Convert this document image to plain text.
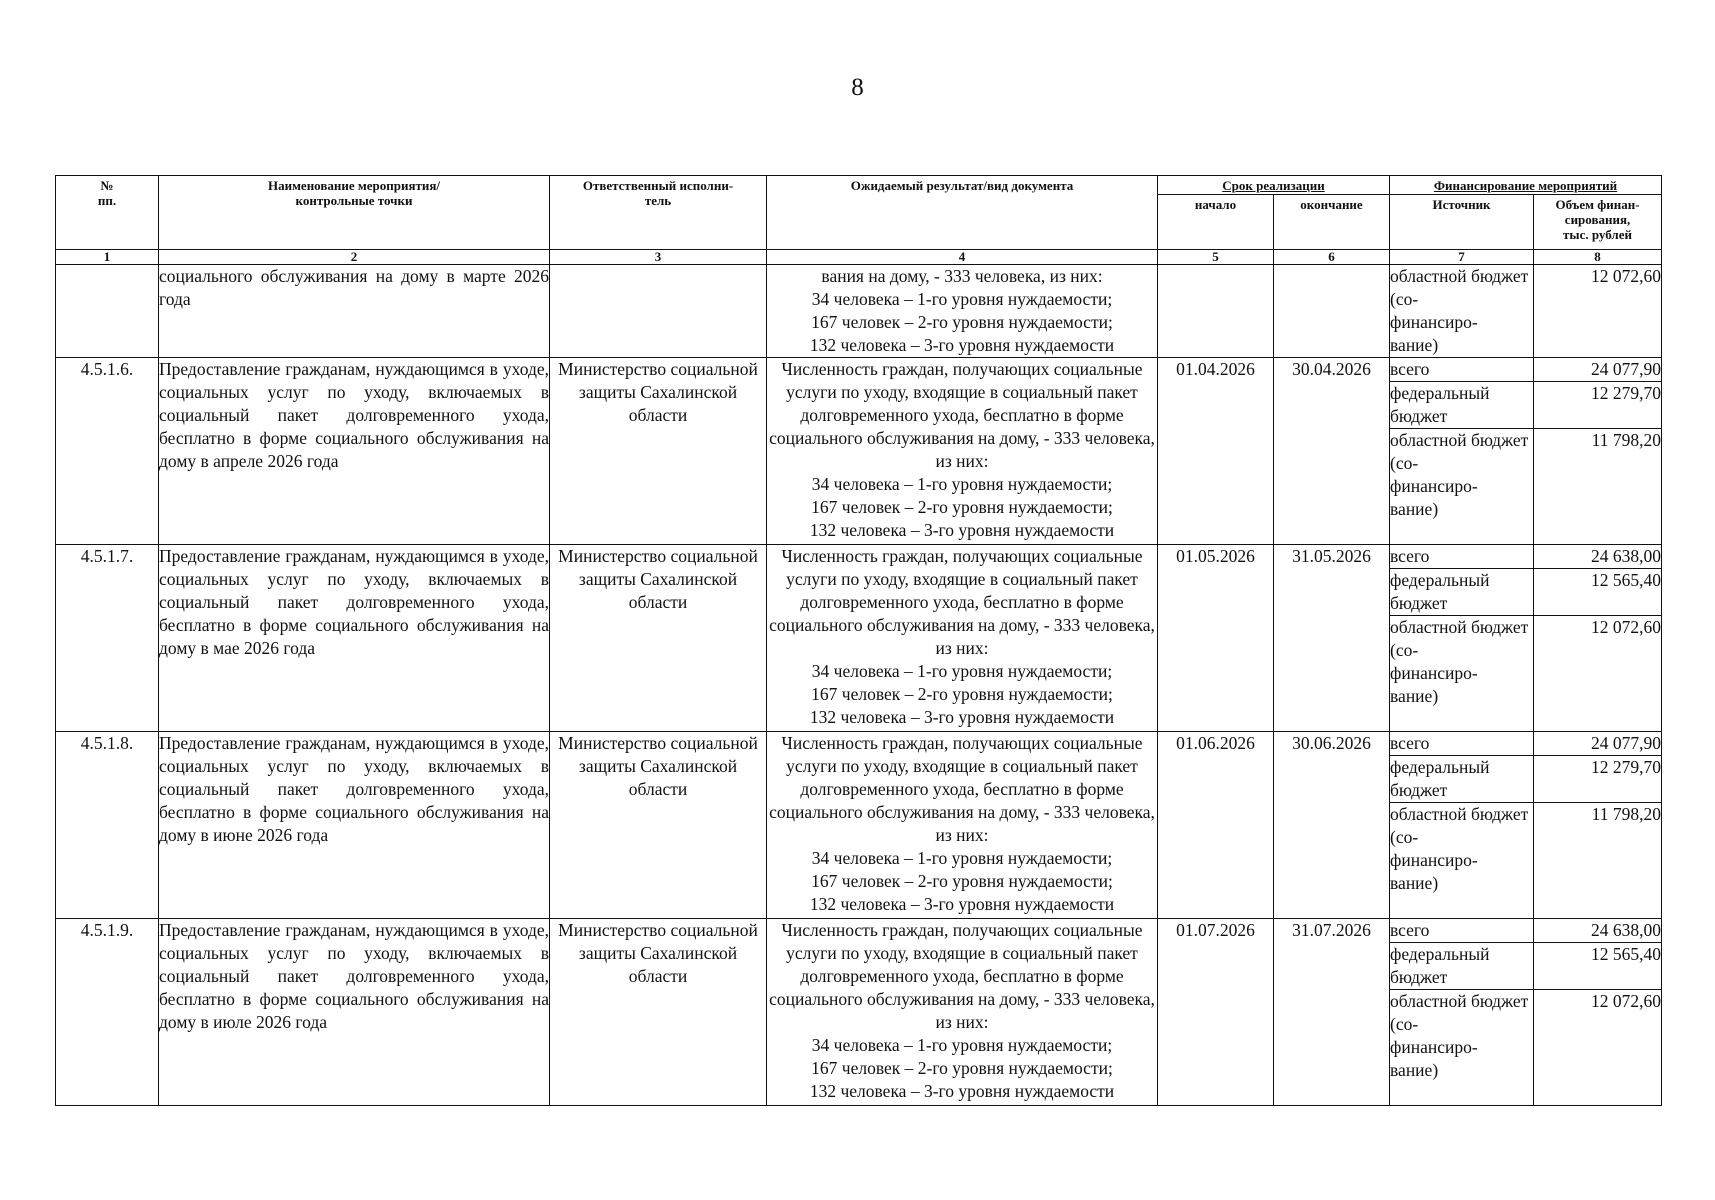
8
№
пп.	Наименование мероприятия/
контрольные точки	Ответственный исполни-
тель	Ожидаемый результат/вид документа	Срок реализации		Финансирование мероприятий	
				начало	окончание	Источник	Объем финан-
сирования,
тыс. рублей
1	2	3	4	5	6	7	8
	социального обслуживания на дому в марте 2026 года		вания на дому, - 333 человека, из них:
34 человека – 1-го уровня нуждаемости;
167 человек – 2-го уровня нуждаемости;
132 человека – 3-го уровня нуждаемости			областной бюджет (со-
финансиро-
вание)	12 072,60
4.5.1.6.	Предоставление гражданам, нуждающимся в уходе, социальных услуг по уходу, включаемых в социальный пакет долговременного ухода, бесплатно в форме социального обслуживания на дому в апреле 2026 года	Министерство социальной защиты Сахалинской области	Численность граждан, получающих социальные услуги по уходу, входящие в социальный пакет долговременного ухода, бесплатно в форме социального обслуживания на дому, - 333 человека, из них:
34 человека – 1-го уровня нуждаемости;
167 человек – 2-го уровня нуждаемости;
132 человека – 3-го уровня нуждаемости	01.04.2026	30.04.2026	всего	24 077,90
						федеральный бюджет	12 279,70
						областной бюджет (со-
финансиро-
вание)	11 798,20
4.5.1.7.	Предоставление гражданам, нуждающимся в уходе, социальных услуг по уходу, включаемых в социальный пакет долговременного ухода, бесплатно в форме социального обслуживания на дому в мае 2026 года	Министерство социальной защиты Сахалинской области	Численность граждан, получающих социальные услуги по уходу, входящие в социальный пакет долговременного ухода, бесплатно в форме социального обслуживания на дому, - 333 человека, из них:
34 человека – 1-го уровня нуждаемости;
167 человек – 2-го уровня нуждаемости;
132 человека – 3-го уровня нуждаемости	01.05.2026	31.05.2026	всего	24 638,00
						федеральный бюджет	12 565,40
						областной бюджет (со-
финансиро-
вание)	12 072,60
4.5.1.8.	Предоставление гражданам, нуждающимся в уходе, социальных услуг по уходу, включаемых в социальный пакет долговременного ухода, бесплатно в форме социального обслуживания на дому в июне 2026 года	Министерство социальной защиты Сахалинской области	Численность граждан, получающих социальные услуги по уходу, входящие в социальный пакет долговременного ухода, бесплатно в форме социального обслуживания на дому, - 333 человека, из них:
34 человека – 1-го уровня нуждаемости;
167 человек – 2-го уровня нуждаемости;
132 человека – 3-го уровня нуждаемости	01.06.2026	30.06.2026	всего	24 077,90
						федеральный бюджет	12 279,70
						областной бюджет (со-
финансиро-
вание)	11 798,20
4.5.1.9.	Предоставление гражданам, нуждающимся в уходе, социальных услуг по уходу, включаемых в социальный пакет долговременного ухода, бесплатно в форме социального обслуживания на дому в июле 2026 года	Министерство социальной защиты Сахалинской области	Численность граждан, получающих социальные услуги по уходу, входящие в социальный пакет долговременного ухода, бесплатно в форме социального обслуживания на дому, - 333 человека, из них:
34 человека – 1-го уровня нуждаемости;
167 человек – 2-го уровня нуждаемости;
132 человека – 3-го уровня нуждаемости	01.07.2026	31.07.2026	всего	24 638,00
						федеральный бюджет	12 565,40
						областной бюджет (со-
финансиро-
вание)	12 072,60
